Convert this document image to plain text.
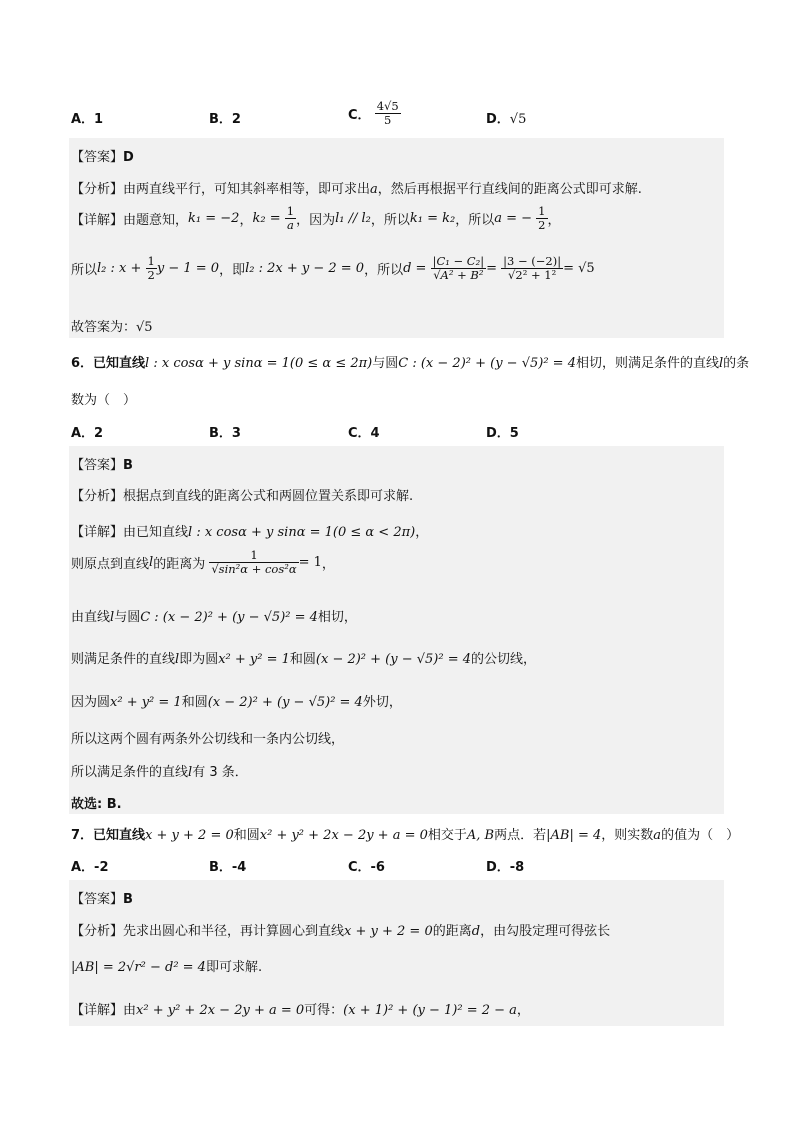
A．1	B．2	C． $\frac{4√5}{5}$	D．√5
【答案】D
【分析】由两直线平行，可知其斜率相等，即可求出a，然后再根据平行直线间的距离公式即可求解.
【详解】由题意知，k₁ = −2，$k_2 = \frac{1}{a}$ ，因为l₁ // l₂，所以k₁ = k₂，所以a = − $\frac{1}{2}$ ，
所以l₂ : $x + \frac{1}{2}$ y − 1 = 0，即l₂ : 2x + y − 2 = 0，所以$d = \frac{\text{|C₁ − C₂|}}{\text{√A² + B²}} = \frac{|3 - (-2)|}{\text{√2² + 1²}} = √5$
故答案为：√5
6．已知直线l : x cosα + y sinα = 1(0 ≤ α ≤ 2π)与圆C : (x − 2)² + (y − √5)² = 4相切，则满足条件的直线l的条
数为（　）
A．2	B．3	C．4	D．5
【答案】B
【分析】根据点到直线的距离公式和两圆位置关系即可求解.
【详解】由已知直线l : x cosα + y sinα = 1(0 ≤ α < 2π)，
则原点到直线l的距离为 $\frac{1}{\text{√sin²α + cos²α}} = 1$，
由直线l与圆C : (x − 2)² + (y − √5)² = 4相切，
则满足条件的直线l即为圆x² + y² = 1和圆(x − 2)² + (y − √5)² = 4的公切线，
因为圆x² + y² = 1和圆(x − 2)² + (y − √5)² = 4外切，
所以这两个圆有两条外公切线和一条内公切线，
所以满足条件的直线l有 3 条．
故选: B.
7．已知直线x + y + 2 = 0和圆x² + y² + 2x − 2y + a = 0相交于A, B两点．若|AB| = 4，则实数a的值为（　）
A．-2	B．-4	C．-6	D．-8
【答案】B
【分析】先求出圆心和半径，再计算圆心到直线x + y + 2 = 0的距离d，由勾股定理可得弦长
|AB| = 2√r² − d² = 4即可求解.
【详解】由x² + y² + 2x − 2y + a = 0可得：(x + 1)² + (y − 1)² = 2 − a，
